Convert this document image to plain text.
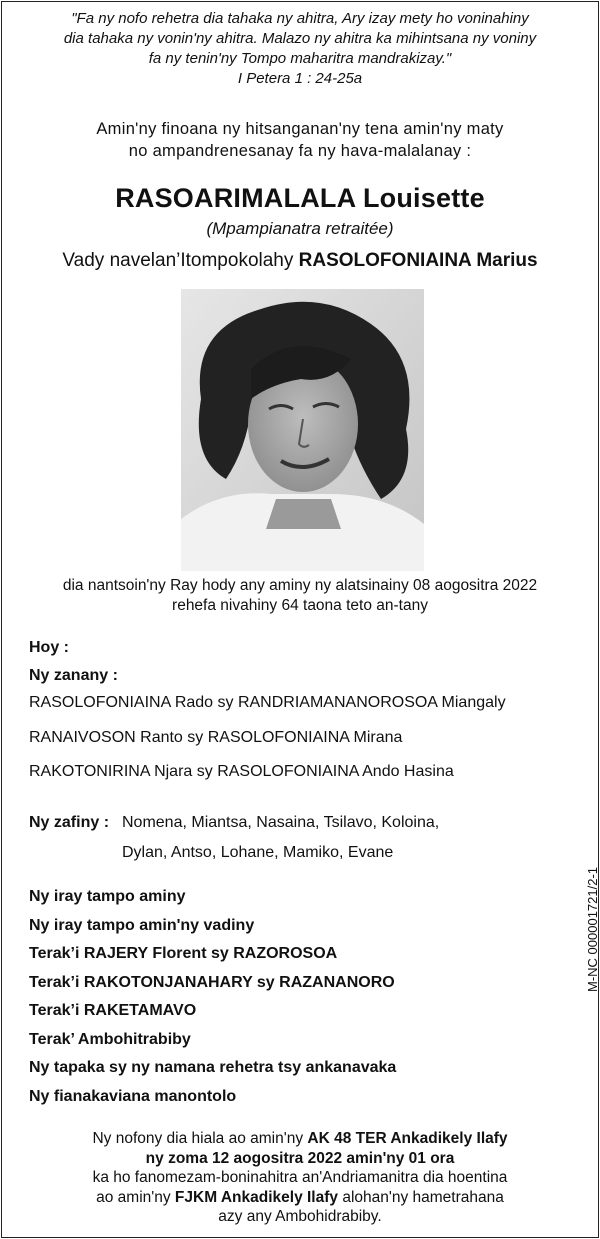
"Fa ny nofo rehetra dia tahaka ny ahitra, Ary izay mety ho voninahiny
dia tahaka ny vonin'ny ahitra. Malazo ny ahitra ka mihintsana ny voniny
fa ny tenin'ny Tompo maharitra mandrakizay."
I Petera 1 : 24-25a
Amin'ny finoana ny hitsanganan'ny tena amin'ny maty
no ampandrenesanay fa ny hava-malalanay :
RASOARIMALALA Louisette
(Mpampianatra retraitée)
Vady navelan’Itompokolahy RASOLOFONIAINA Marius
dia nantsoin'ny Ray hody any aminy ny alatsinainy 08 aogositra 2022
rehefa nivahiny 64 taona teto an-tany
Hoy :
Ny zanany :
RASOLOFONIAINA Rado sy RANDRIAMANANOROSOA Miangaly
RANAIVOSON Ranto sy RASOLOFONIAINA Mirana
RAKOTONIRINA Njara sy RASOLOFONIAINA Ando Hasina
Ny zafiny : Nomena, Miantsa, Nasaina, Tsilavo, Koloina,
Dylan, Antso, Lohane, Mamiko, Evane
Ny iray tampo aminy
Ny iray tampo amin'ny vadiny
Terak’i RAJERY Florent sy RAZOROSOA
Terak’i RAKOTONJANAHARY sy RAZANANORO
Terak’i RAKETAMAVO
Terak’ Ambohitrabiby
Ny tapaka sy ny namana rehetra tsy ankanavaka
Ny fianakaviana manontolo
M-NC 000001721/2-1
Ny nofony dia hiala ao amin'ny AK 48 TER Ankadikely Ilafy
ny zoma 12 aogositra 2022 amin'ny 01 ora
ka ho fanomezam-boninahitra an'Andriamanitra dia hoentina
ao amin'ny FJKM Ankadikely Ilafy alohan'ny hametrahana
azy any Ambohidrabiby.
